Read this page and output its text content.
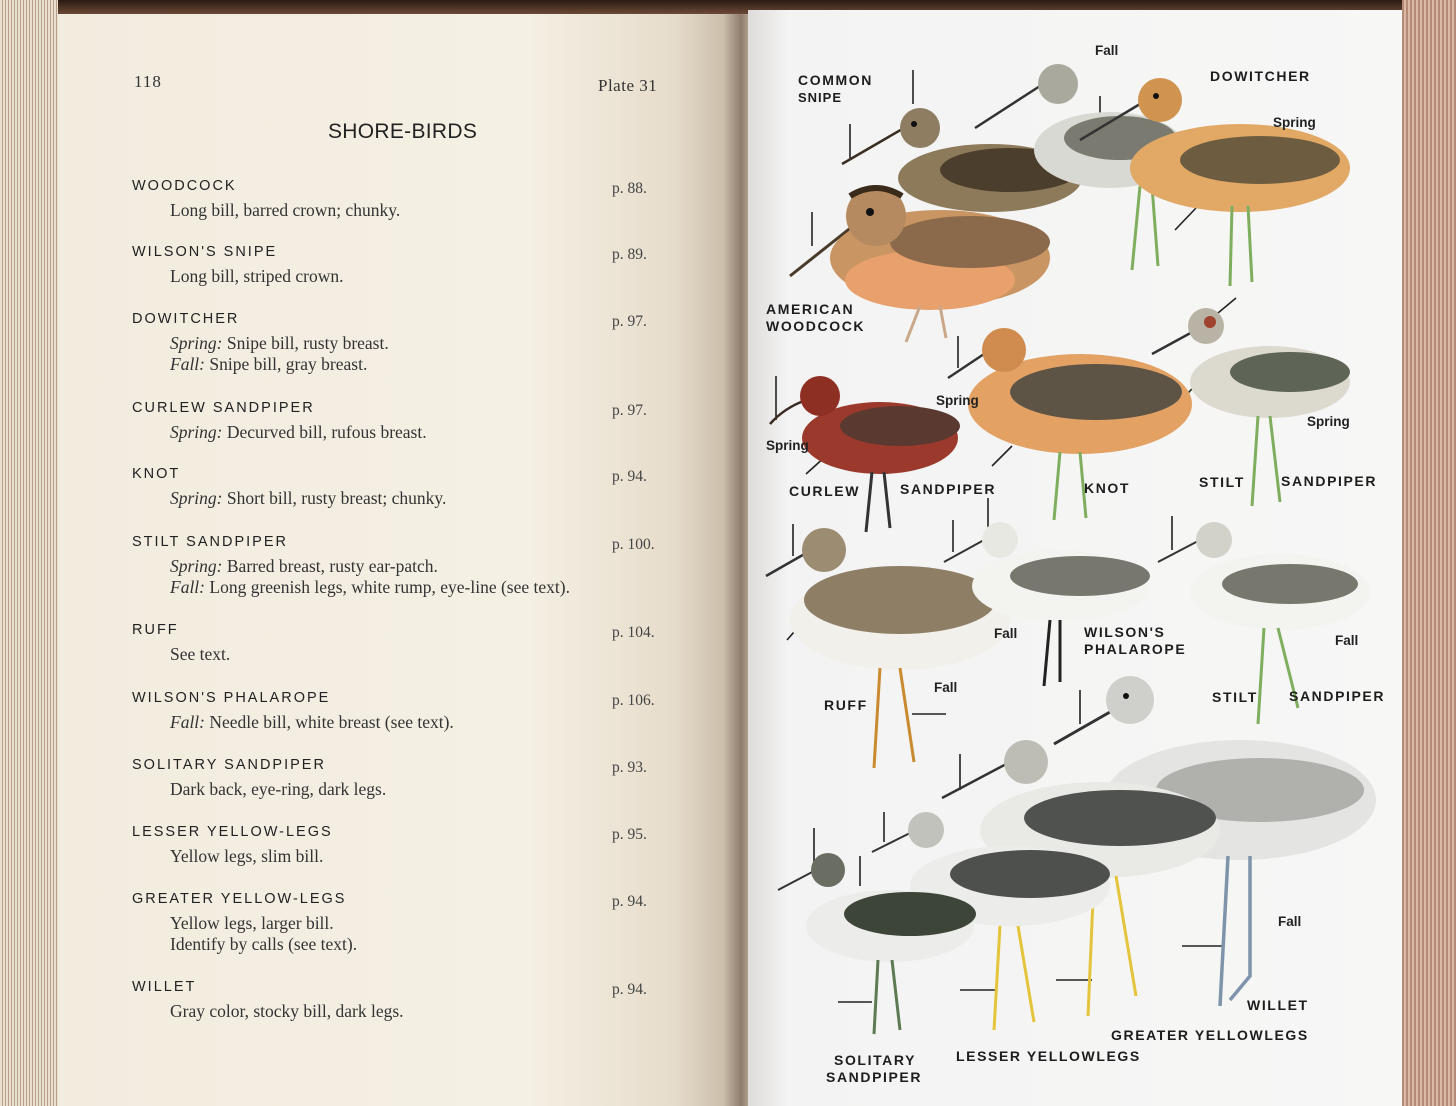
118	Plate 31
SHORE-BIRDS
WOODCOCK	p. 88.
Long bill, barred crown; chunky.
WILSON'S SNIPE	p. 89.
Long bill, striped crown.
DOWITCHER	p. 97.
Spring: Snipe bill, rusty breast.
Fall: Snipe bill, gray breast.
CURLEW SANDPIPER	p. 97.
Spring: Decurved bill, rufous breast.
KNOT	p. 94.
Spring: Short bill, rusty breast; chunky.
STILT SANDPIPER	p. 100.
Spring: Barred breast, rusty ear-patch.
Fall: Long greenish legs, white rump, eye-line (see text).
RUFF	p. 104.
See text.
WILSON'S PHALAROPE	p. 106.
Fall: Needle bill, white breast (see text).
SOLITARY SANDPIPER	p. 93.
Dark back, eye-ring, dark legs.
LESSER YELLOW-LEGS	p. 95.
Yellow legs, slim bill.
GREATER YELLOW-LEGS	p. 94.
Yellow legs, larger bill.
Identify by calls (see text).
WILLET	p. 94.
Gray color, stocky bill, dark legs.
COMMON
SNIPE
Fall
DOWITCHER
Spring
AMERICAN
WOODCOCK
Spring
Spring
Spring
CURLEW	SANDPIPER	KNOT	STILT	SANDPIPER
Fall	WILSON'S
PHALAROPE
Fall
Fall
STILT SANDPIPER
RUFF
Fall
WILLET
GREATER YELLOWLEGS
LESSER YELLOWLEGS
SOLITARY
SANDPIPER
